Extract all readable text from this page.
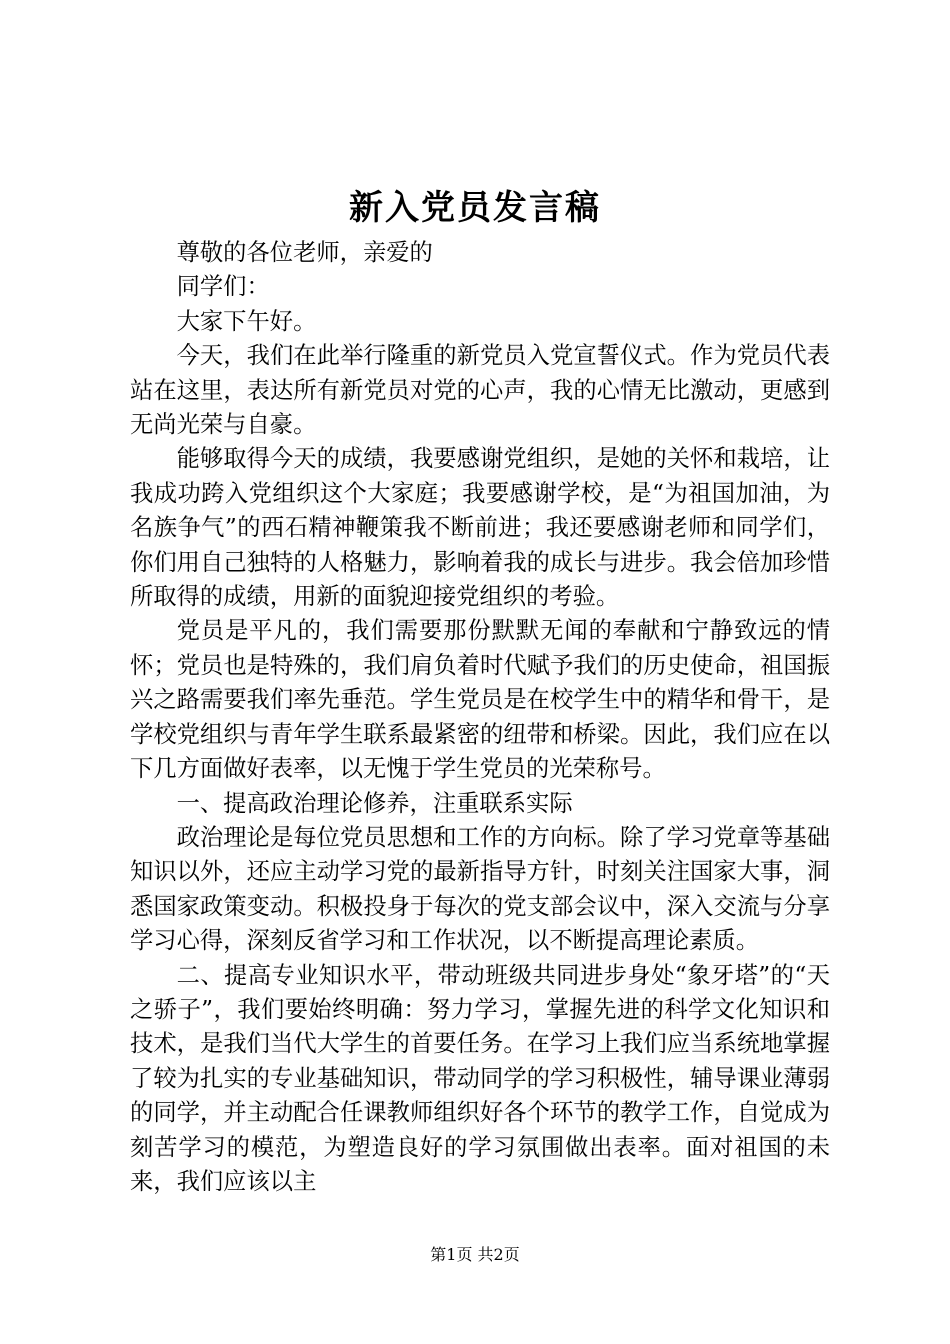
新入党员发言稿

尊敬的各位老师，亲爱的

同学们：

大家下午好。

今天，我们在此举行隆重的新党员入党宣誓仪式。作为党员代表站在这里，表达所有新党员对党的心声，我的心情无比激动，更感到无尚光荣与自豪。

能够取得今天的成绩，我要感谢党组织，是她的关怀和栽培，让我成功跨入党组织这个大家庭；我要感谢学校，是“为祖国加油，为名族争气”的西石精神鞭策我不断前进；我还要感谢老师和同学们，你们用自己独特的人格魅力，影响着我的成长与进步。我会倍加珍惜所取得的成绩，用新的面貌迎接党组织的考验。

党员是平凡的，我们需要那份默默无闻的奉献和宁静致远的情怀；党员也是特殊的，我们肩负着时代赋予我们的历史使命，祖国振兴之路需要我们率先垂范。学生党员是在校学生中的精华和骨干，是学校党组织与青年学生联系最紧密的纽带和桥梁。因此，我们应在以下几方面做好表率，以无愧于学生党员的光荣称号。

一、提高政治理论修养，注重联系实际

政治理论是每位党员思想和工作的方向标。除了学习党章等基础知识以外，还应主动学习党的最新指导方针，时刻关注国家大事，洞悉国家政策变动。积极投身于每次的党支部会议中，深入交流与分享学习心得，深刻反省学习和工作状况，以不断提高理论素质。

二、提高专业知识水平，带动班级共同进步身处“象牙塔”的“天之骄子”，我们要始终明确：努力学习，掌握先进的科学文化知识和技术，是我们当代大学生的首要任务。在学习上我们应当系统地掌握了较为扎实的专业基础知识，带动同学的学习积极性，辅导课业薄弱的同学，并主动配合任课教师组织好各个环节的教学工作，自觉成为刻苦学习的模范，为塑造良好的学习氛围做出表率。面对祖国的未来，我们应该以主

第1页 共2页
